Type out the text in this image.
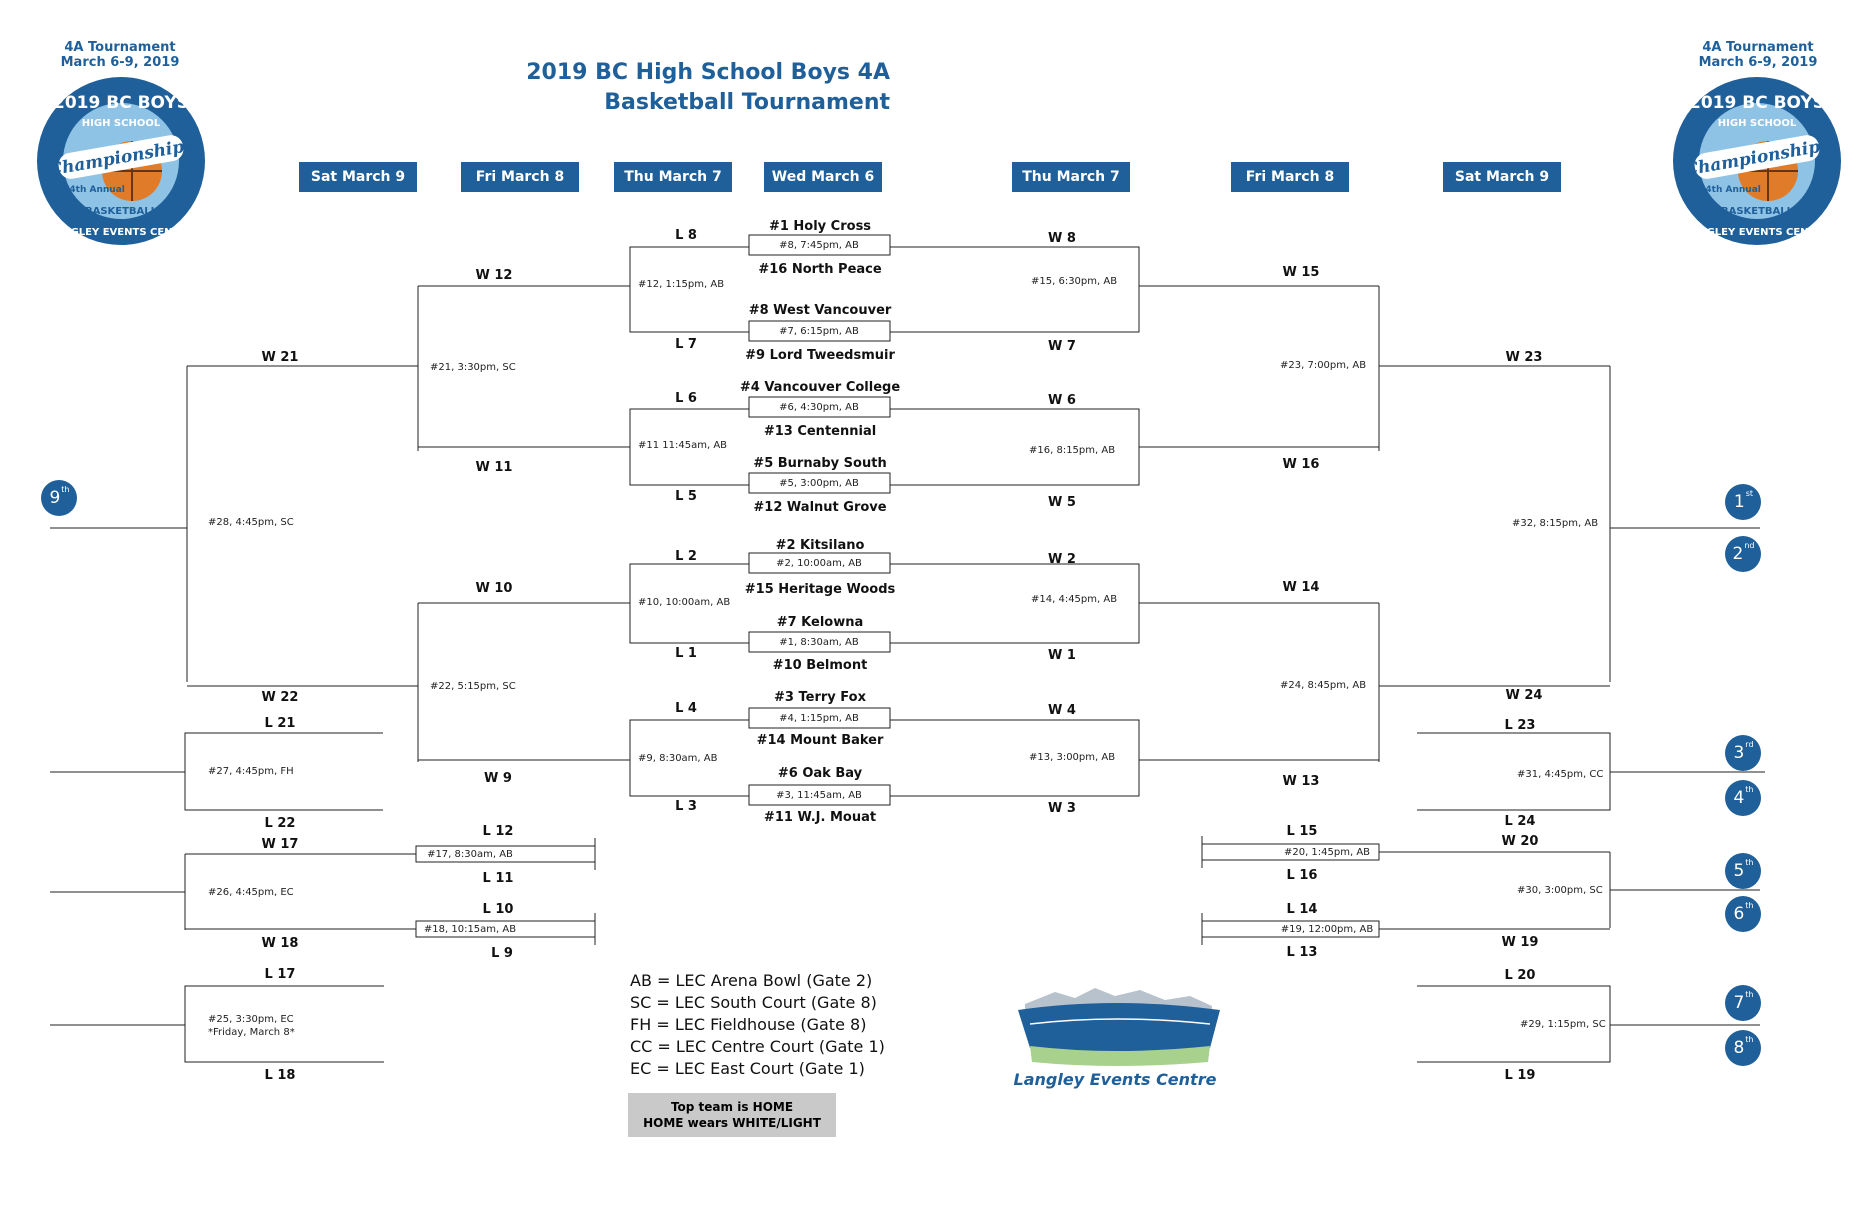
4A Tournament
March 6-9, 2019
Championships
2019 BC BOYS
HIGH SCHOOL
74th Annual
BASKETBALL
LANGLEY EVENTS CENTRE
4A Tournament
March 6-9, 2019
Championships
2019 BC BOYS
HIGH SCHOOL
74th Annual
BASKETBALL
LANGLEY EVENTS CENTRE
2019 BC High School Boys 4A
Basketball Tournament
Sat March 9	Fri March 8	Thu March 7	Wed March 6	Thu March 7	Fri March 8	Sat March 9
#1 Holy Cross
#16 North Peace
#8 West Vancouver
#9 Lord Tweedsmuir
#4 Vancouver College
#13 Centennial
#5 Burnaby South
#12 Walnut Grove
#2 Kitsilano
#15 Heritage Woods
#7 Kelowna
#10 Belmont
#3 Terry Fox
#14 Mount Baker
#6 Oak Bay
#11 W.J. Mouat
#8, 7:45pm, AB
#7, 6:15pm, AB
#6, 4:30pm, AB
#5, 3:00pm, AB
#2, 10:00am, AB
#1, 8:30am, AB
#4, 1:15pm, AB
#3, 11:45am, AB
#12, 1:15pm, AB
#11 11:45am, AB
#10, 10:00am, AB
#9, 8:30am, AB
#15, 6:30pm, AB
#16, 8:15pm, AB
#14, 4:45pm, AB
#13, 3:00pm, AB
#21, 3:30pm, SC
#22, 5:15pm, SC
#23, 7:00pm, AB
#24, 8:45pm, AB
#28, 4:45pm, SC	#32, 8:15pm, AB
#27, 4:45pm, FH
#26, 4:45pm, EC
#25, 3:30pm, EC
*Friday, March 8*
#31, 4:45pm, CC
#30, 3:00pm, SC
#29, 1:15pm, SC
#17, 8:30am, AB
#18, 10:15am, AB
#20, 1:45pm, AB
#19, 12:00pm, AB
L 8
L 7
L 6
L 5
L 2
L 1
L 4
L 3
W 8
W 7
W 6
W 5
W 2
W 1
W 4
W 3
W 12
W 11
W 10
W 9
W 15
W 16
W 14
W 13
W 21
W 22
W 23
W 24
L 21
L 22
W 17
W 18
L 17
L 18
L 12
L 11
L 10
L 9
L 15
L 16
L 14
L 13
L 23
L 24
W 20
W 19
L 20
L 19
9th
1st
2nd
3rd
4th
5th
6th
7th
8th
AB = LEC Arena Bowl (Gate 2)
SC = LEC South Court (Gate 8)
FH = LEC Fieldhouse (Gate 8)
CC = LEC Centre Court (Gate 1)
EC = LEC East Court (Gate 1)
Top team is HOME
HOME wears WHITE/LIGHT
Langley Events Centre
